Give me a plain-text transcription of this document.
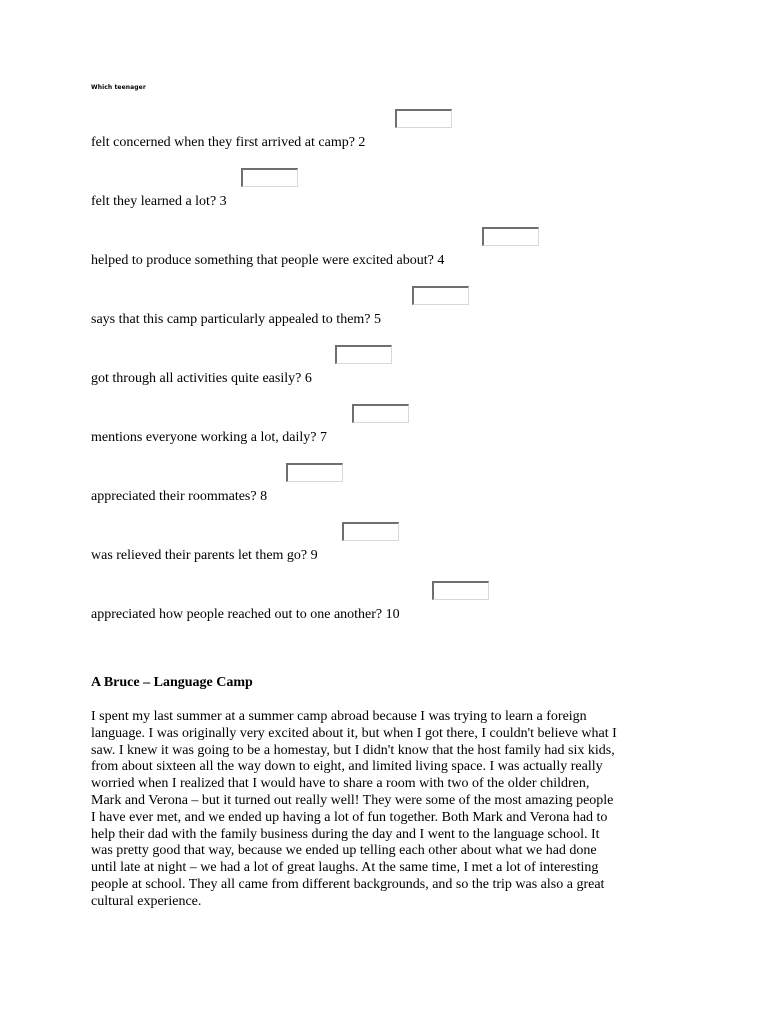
Which teenager
felt concerned when they first arrived at camp? 2
felt they learned a lot? 3
helped to produce something that people were excited about? 4
says that this camp particularly appealed to them? 5
got through all activities quite easily? 6
mentions everyone working a lot, daily? 7
appreciated their roommates? 8
was relieved their parents let them go? 9
appreciated how people reached out to one another? 10
A Bruce – Language Camp

I spent my last summer at a summer camp abroad because I was trying to learn a foreign
language. I was originally very excited about it, but when I got there, I couldn't believe what I
saw. I knew it was going to be a homestay, but I didn't know that the host family had six kids,
from about sixteen all the way down to eight, and limited living space. I was actually really
worried when I realized that I would have to share a room with two of the older children,
Mark and Verona – but it turned out really well! They were some of the most amazing people
I have ever met, and we ended up having a lot of fun together. Both Mark and Verona had to
help their dad with the family business during the day and I went to the language school. It
was pretty good that way, because we ended up telling each other about what we had done
until late at night – we had a lot of great laughs. At the same time, I met a lot of interesting
people at school. They all came from different backgrounds, and so the trip was also a great
cultural experience.
